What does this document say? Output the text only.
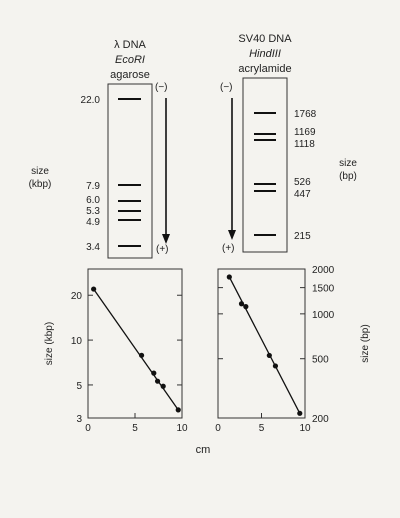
λ DNA
EcoRI
agarose
(−)
(+)
size
(kbp)
22.0
7.9
6.0
5.3
4.9
3.4
SV40 DNA
HindIII
acrylamide
(−)
(+)
size
(bp)
1768
1169
1118
526
447
215
0	5	10
3
5
10
20
size (kbp)
0	5	10
200
500
1000
1500
2000
size (bp)
cm
